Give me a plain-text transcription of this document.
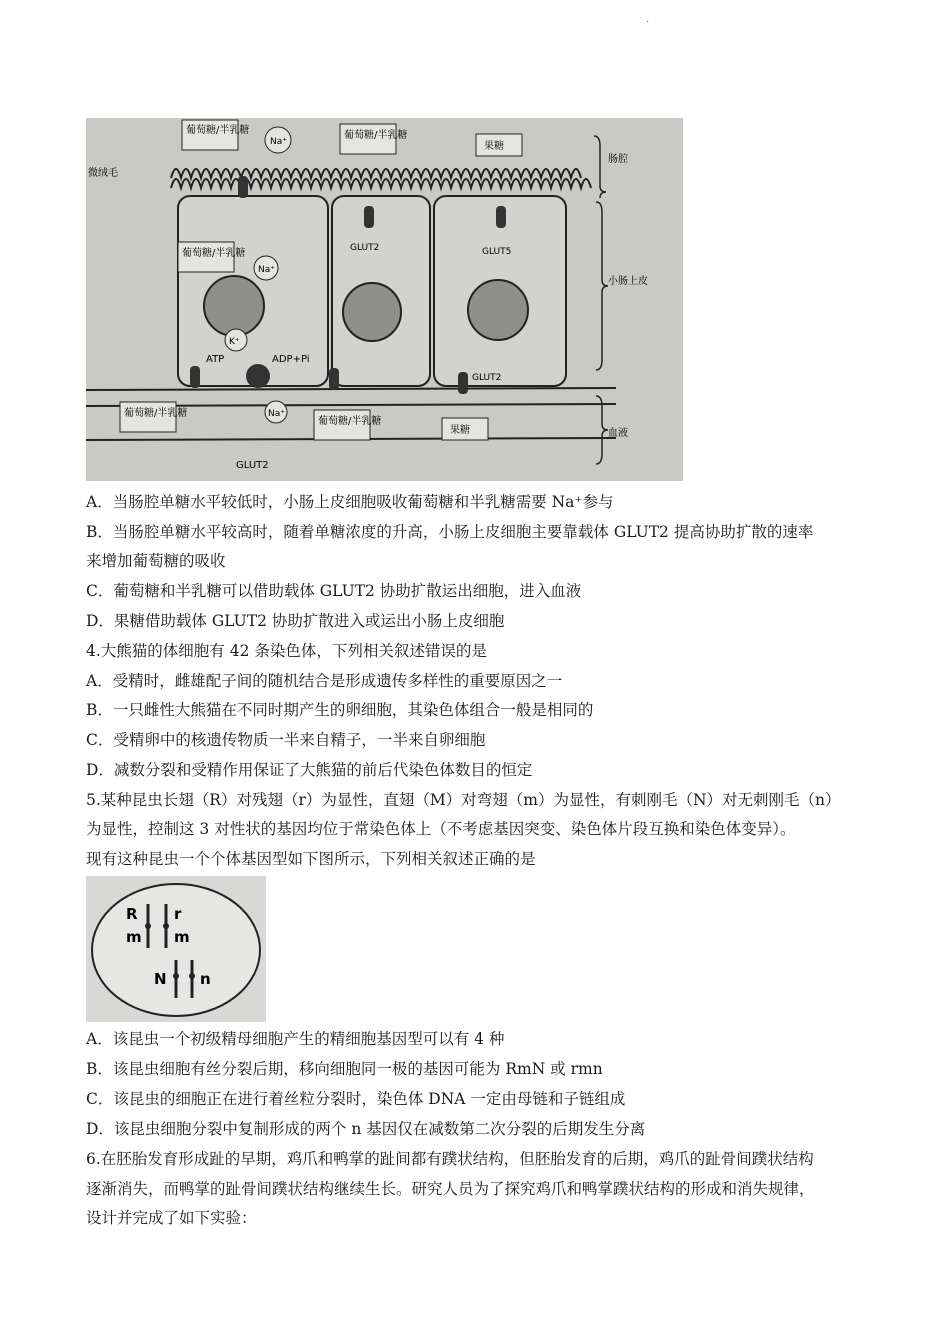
.
葡萄糖/半乳糖
Na⁺
葡萄糖/半乳糖
果糖
微绒毛
肠腔
小肠上皮
血液
葡萄糖/半乳糖
Na⁺
K⁺
ATP	ADP+Pi
Na⁺
GLUT2	GLUT5
GLUT2
葡萄糖/半乳糖
葡萄糖/半乳糖
果糖
GLUT2
A．当肠腔单糖水平较低时，小肠上皮细胞吸收葡萄糖和半乳糖需要 Na⁺参与
B．当肠腔单糖水平较高时，随着单糖浓度的升高，小肠上皮细胞主要靠载体 GLUT2 提高协助扩散的速率
来增加葡萄糖的吸收
C．葡萄糖和半乳糖可以借助载体 GLUT2 协助扩散运出细胞，进入血液
D．果糖借助载体 GLUT2 协助扩散进入或运出小肠上皮细胞
4.大熊猫的体细胞有 42 条染色体，下列相关叙述错误的是
A．受精时，雌雄配子间的随机结合是形成遗传多样性的重要原因之一
B．一只雌性大熊猫在不同时期产生的卵细胞，其染色体组合一般是相同的
C．受精卵中的核遗传物质一半来自精子，一半来自卵细胞
D．减数分裂和受精作用保证了大熊猫的前后代染色体数目的恒定
5.某种昆虫长翅（R）对残翅（r）为显性，直翅（M）对弯翅（m）为显性，有刺刚毛（N）对无刺刚毛（n）
为显性，控制这 3 对性状的基因均位于常染色体上（不考虑基因突变、染色体片段互换和染色体变异）。
现有这种昆虫一个个体基因型如下图所示，下列相关叙述正确的是
R r
m m
N n
A．该昆虫一个初级精母细胞产生的精细胞基因型可以有 4 种
B．该昆虫细胞有丝分裂后期，移向细胞同一极的基因可能为 RmN 或 rmn
C．该昆虫的细胞正在进行着丝粒分裂时，染色体 DNA 一定由母链和子链组成
D．该昆虫细胞分裂中复制形成的两个 n 基因仅在减数第二次分裂的后期发生分离
6.在胚胎发育形成趾的早期，鸡爪和鸭掌的趾间都有蹼状结构，但胚胎发育的后期，鸡爪的趾骨间蹼状结构
逐渐消失，而鸭掌的趾骨间蹼状结构继续生长。研究人员为了探究鸡爪和鸭掌蹼状结构的形成和消失规律，
设计并完成了如下实验：
